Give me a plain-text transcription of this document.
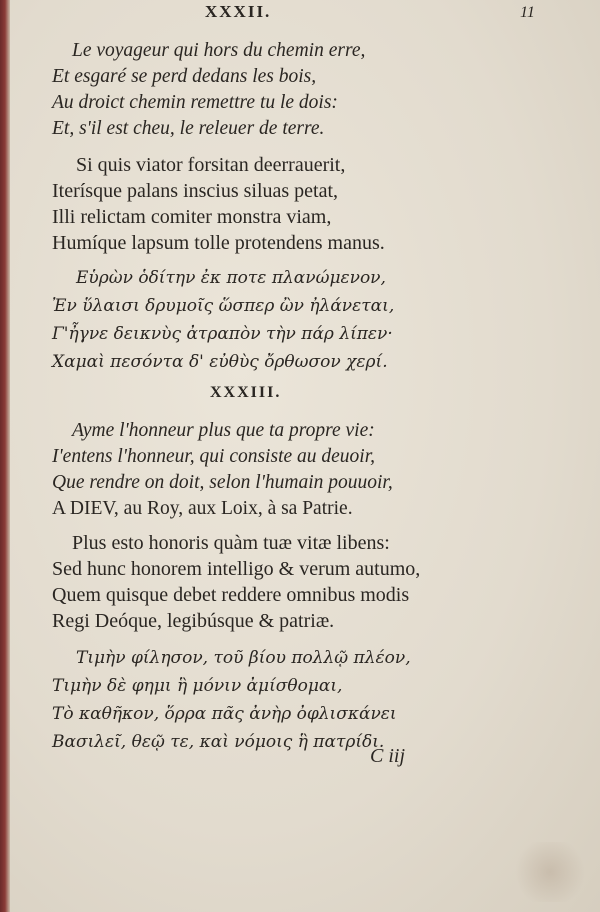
XXXII.	11
Le voyageur qui hors du chemin erre,
Et esgaré se perd dedans les bois,
Au droict chemin remettre tu le dois:
Et, s'il est cheu, le releuer de terre.
Si quis viator forsitan deerrauerit,
Iterísque palans inscius siluas petat,
Illi relictam comiter monstra viam,
Humíque lapsum tolle protendens manus.
Εὑρὼν ὁδίτην ἐκ ποτε πλανώμενον,
Ἐν ὕλαισι δρυμοῖς ὥσπερ ὢν ἠλάνεται,
Γ'ἦγνε δεικνὺς ἀτραπὸν τὴν πάρ λίπεν·
Χαμαὶ πεσόντα δ' εὐθὺς ὄρθωσον χερί.
XXXIII.
Ayme l'honneur plus que ta propre vie:
I'entens l'honneur, qui consiste au deuoir,
Que rendre on doit, selon l'humain pouuoir,
A DIEV, au Roy, aux Loix, à sa Patrie.
Plus esto honoris quàm tuæ vitæ libens:
Sed hunc honorem intelligo & verum autumo,
Quem quisque debet reddere omnibus modis
Regi Deóque, legibúsque & patriæ.
Τιμὴν φίλησον, τοῦ βίου πολλῷ πλέον,
Τιμὴν δὲ φημι ἣ μόνιν ἀμίσθομαι,
Τὸ καθῆκον, ὅρρα πᾶς ἀνὴρ ὀφλισκάνει
Βασιλεῖ, θεῷ τε, καὶ νόμοις ἣ πατρίδι.
C iij
